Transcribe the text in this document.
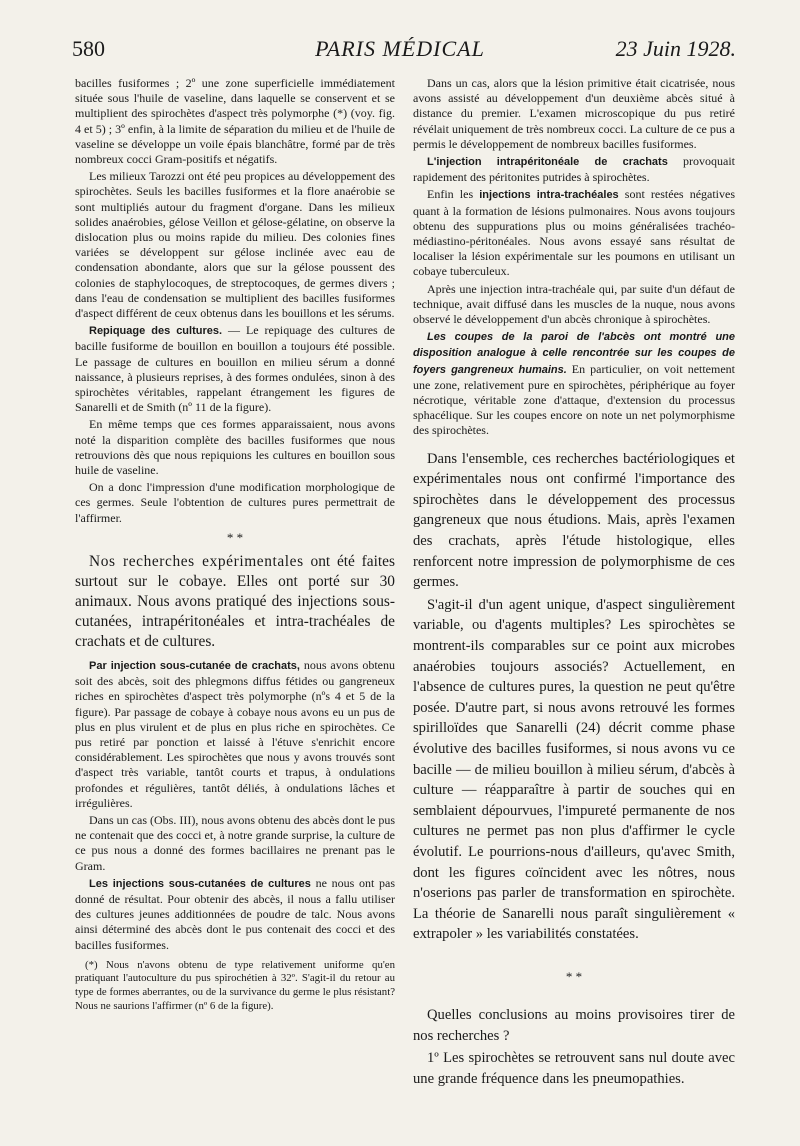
580	PARIS MÉDICAL	23 Juin 1928.

bacilles fusiformes ; 2º une zone superficielle immédiatement située sous l'huile de vaseline, dans laquelle se conservent et se multiplient des spirochètes d'aspect très polymorphe (*) (voy. fig. 4 et 5) ; 3º enfin, à la limite de séparation du milieu et de l'huile de vaseline se développe un voile épais blanchâtre, formé par de très nombreux cocci Gram-positifs et négatifs.

Les milieux Tarozzi ont été peu propices au développement des spirochètes. Seuls les bacilles fusiformes et la flore anaérobie se sont multipliés autour du fragment d'organe. Dans les milieux solides anaérobies, gélose Veillon et gélose-gélatine, on observe la dislocation plus ou moins rapide du milieu. Des colonies fines variées se développent sur gélose inclinée avec eau de condensation abondante, alors que sur la gélose poussent des colonies de staphylocoques, de streptocoques, de germes divers ; dans l'eau de condensation se multiplient des bacilles fusiformes d'aspect différent de ceux obtenus dans les bouillons et les sérums.

Repiquage des cultures. — Le repiquage des cultures de bacille fusiforme de bouillon en bouillon a toujours été possible. Le passage de cultures en bouillon en milieu sérum a donné naissance, à plusieurs reprises, à des formes ondulées, sinon à des spirochètes véritables, rappelant étrangement les figures de Sanarelli et de Smith (nº 11 de la figure).

En même temps que ces formes apparaissaient, nous avons noté la disparition complète des bacilles fusiformes que nous retrouvions dès que nous repiquions les cultures en bouillon sous huile de vaseline.

On a donc l'impression d'une modification morphologique de ces germes. Seule l'obtention de cultures pures permettrait de l'affirmer.

* *

Nos recherches expérimentales ont été faites surtout sur le cobaye. Elles ont porté sur 30 animaux. Nous avons pratiqué des injections sous-cutanées, intrapéritonéales et intra-trachéales de crachats et de cultures.

Par injection sous-cutanée de crachats, nous avons obtenu soit des abcès, soit des phlegmons diffus fétides ou gangreneux riches en spirochètes d'aspect très polymorphe (nºs 4 et 5 de la figure). Par passage de cobaye à cobaye nous avons eu un pus de plus en plus virulent et de plus en plus riche en spirochètes. Ce pus retiré par ponction et laissé à l'étuve s'enrichit encore considérablement. Les spirochètes que nous y avons trouvés sont d'aspect très variable, tantôt courts et trapus, à ondulations profondes et régulières, tantôt déliés, à ondulations lâches et irrégulières.

Dans un cas (Obs. III), nous avons obtenu des abcès dont le pus ne contenait que des cocci et, à notre grande surprise, la culture de ce pus nous a donné des formes bacillaires ne prenant pas le Gram.

Les injections sous-cutanées de cultures ne nous ont pas donné de résultat. Pour obtenir des abcès, il nous a fallu utiliser des cultures jeunes additionnées de poudre de talc. Nous avons ainsi déterminé des abcès dont le pus contenait des cocci et des bacilles fusiformes.

(*) Nous n'avons obtenu de type relativement uniforme qu'en pratiquant l'autoculture du pus spirochétien à 32º. S'agit-il du retour au type de formes aberrantes, ou de la survivance du germe le plus résistant? Nous ne saurions l'affirmer (nº 6 de la figure).

Dans un cas, alors que la lésion primitive était cicatrisée, nous avons assisté au développement d'un deuxième abcès situé à distance du premier. L'examen microscopique du pus retiré révélait uniquement de très nombreux cocci. La culture de ce pus a permis le développement de nombreux bacilles fusiformes.

L'injection intrapéritonéale de crachats provoquait rapidement des péritonites putrides à spirochètes.

Enfin les injections intra-trachéales sont restées négatives quant à la formation de lésions pulmonaires. Nous avons toujours obtenu des suppurations plus ou moins généralisées trachéo-médiastino-péritonéales. Nous avons essayé sans résultat de localiser la lésion expérimentale sur les poumons en utilisant un cobaye tuberculeux.

Après une injection intra-trachéale qui, par suite d'un défaut de technique, avait diffusé dans les muscles de la nuque, nous avons observé le développement d'un abcès chronique à spirochètes.

Les coupes de la paroi de l'abcès ont montré une disposition analogue à celle rencontrée sur les coupes de foyers gangreneux humains. En particulier, on voit nettement une zone, relativement pure en spirochètes, périphérique au foyer nécrotique, véritable zone d'attaque, d'extension du processus sphacélique. Sur les coupes encore on note un net polymorphisme des spirochètes.

Dans l'ensemble, ces recherches bactériologiques et expérimentales nous ont confirmé l'importance des spirochètes dans le développement des processus gangreneux que nous étudions. Mais, après l'examen des crachats, après l'étude histologique, elles renforcent notre impression de polymorphisme de ces germes.

S'agit-il d'un agent unique, d'aspect singulièrement variable, ou d'agents multiples? Les spirochètes se montrent-ils comparables sur ce point aux microbes anaérobies toujours associés? Actuellement, en l'absence de cultures pures, la question ne peut qu'être posée. D'autre part, si nous avons retrouvé les formes spirilloïdes que Sanarelli (24) décrit comme phase évolutive des bacilles fusiformes, si nous avons vu ce bacille — de milieu bouillon à milieu sérum, d'abcès à culture — réapparaître à partir de souches qui en semblaient dépourvues, l'impureté permanente de nos cultures ne permet pas non plus d'affirmer le cycle évolutif. Le pourrions-nous d'ailleurs, qu'avec Smith, dont les figures coïncident avec les nôtres, nous n'oserions pas parler de transformation en spirochète. La théorie de Sanarelli nous paraît singulièrement « extrapoler » les variabilités constatées.

* *

Quelles conclusions au moins provisoires tirer de nos recherches ?

1º Les spirochètes se retrouvent sans nul doute avec une grande fréquence dans les pneumopathies.
